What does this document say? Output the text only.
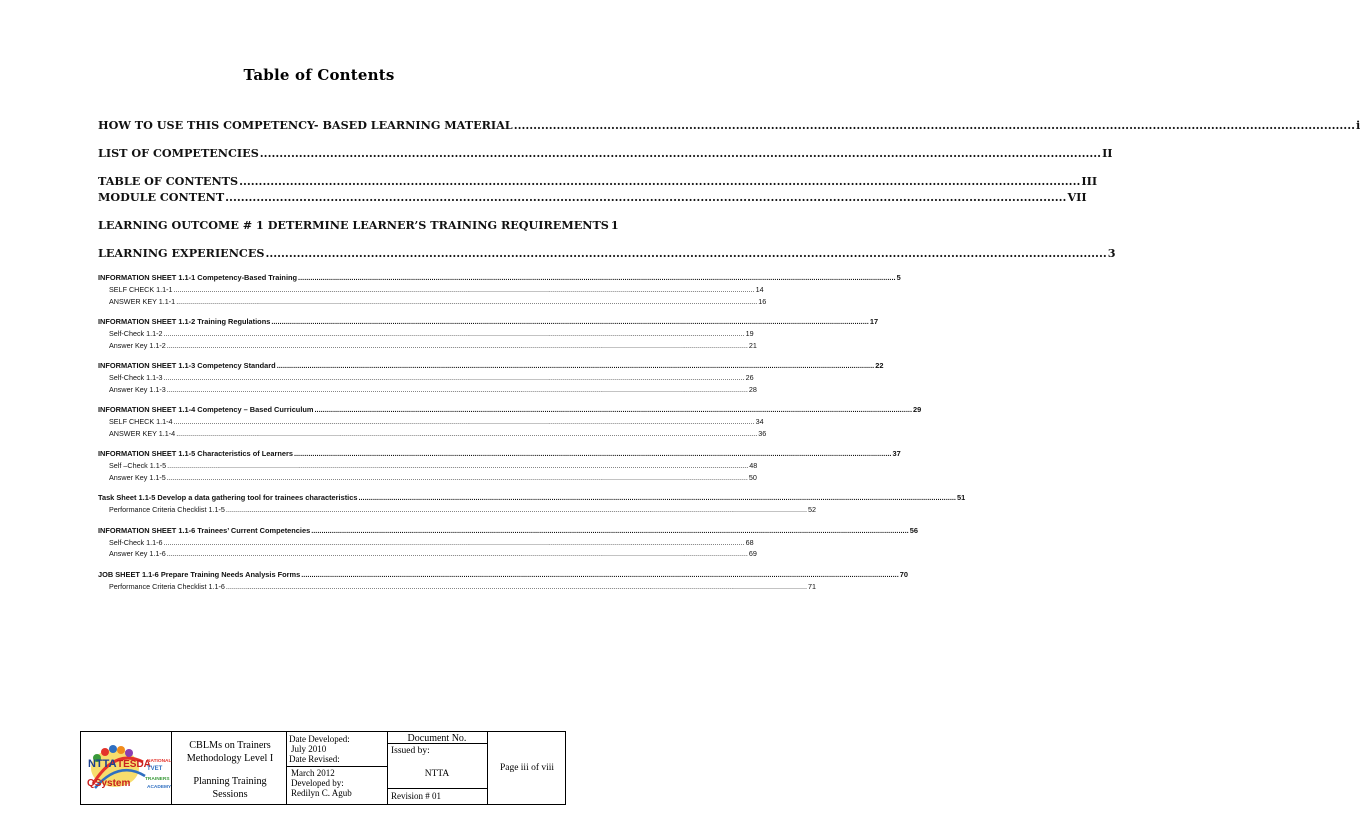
Table of Contents
HOW TO USE THIS COMPETENCY- BASED LEARNING MATERIAL .....	i
LIST OF COMPETENCIES .....	II
TABLE OF CONTENTS .....	III
MODULE CONTENT .....	VII
LEARNING OUTCOME # 1 DETERMINE LEARNER’S TRAINING REQUIREMENTS 1
LEARNING EXPERIENCES .....	3
INFORMATION SHEET 1.1-1 Competency-Based Training .....	5
SELF CHECK 1.1-1 .....	14
ANSWER KEY 1.1-1 .....	16
INFORMATION SHEET 1.1-2 Training Regulations .....	17
Self-Check 1.1-2 .....	19
Answer Key 1.1-2 .....	21
INFORMATION SHEET 1.1-3 Competency Standard .....	22
Self-Check 1.1-3 .....	26
Answer Key 1.1-3 .....	28
INFORMATION SHEET 1.1-4 Competency – Based Curriculum .....	29
SELF CHECK 1.1-4 .....	34
ANSWER KEY 1.1-4 .....	36
INFORMATION SHEET 1.1-5 Characteristics of Learners .....	37
Self –Check 1.1-5 .....	48
Answer Key 1.1-5 .....	50
Task Sheet 1.1-5 Develop a data gathering tool for trainees characteristics .....	51
Performance Criteria Checklist 1.1-5 .....	52
INFORMATION SHEET 1.1-6 Trainees’ Current Competencies .....	56
Self-Check 1.1-6 .....	68
Answer Key 1.1-6 .....	69
JOB SHEET 1.1-6 Prepare Training Needs Analysis Forms .....	70
Performance Criteria Checklist 1.1-6 .....	71
NTTA TESDA
QSystem
NATIONAL
TVET
TRAINERS
ACADEMY
CBLMs on Trainers
Methodology Level I
Planning Training
Sessions
Date Developed:
July 2010
Date Revised:
March 2012
Developed by:
Redilyn C. Agub
Document No.
Issued by:
NTTA
Revision # 01
Page iii of viii
